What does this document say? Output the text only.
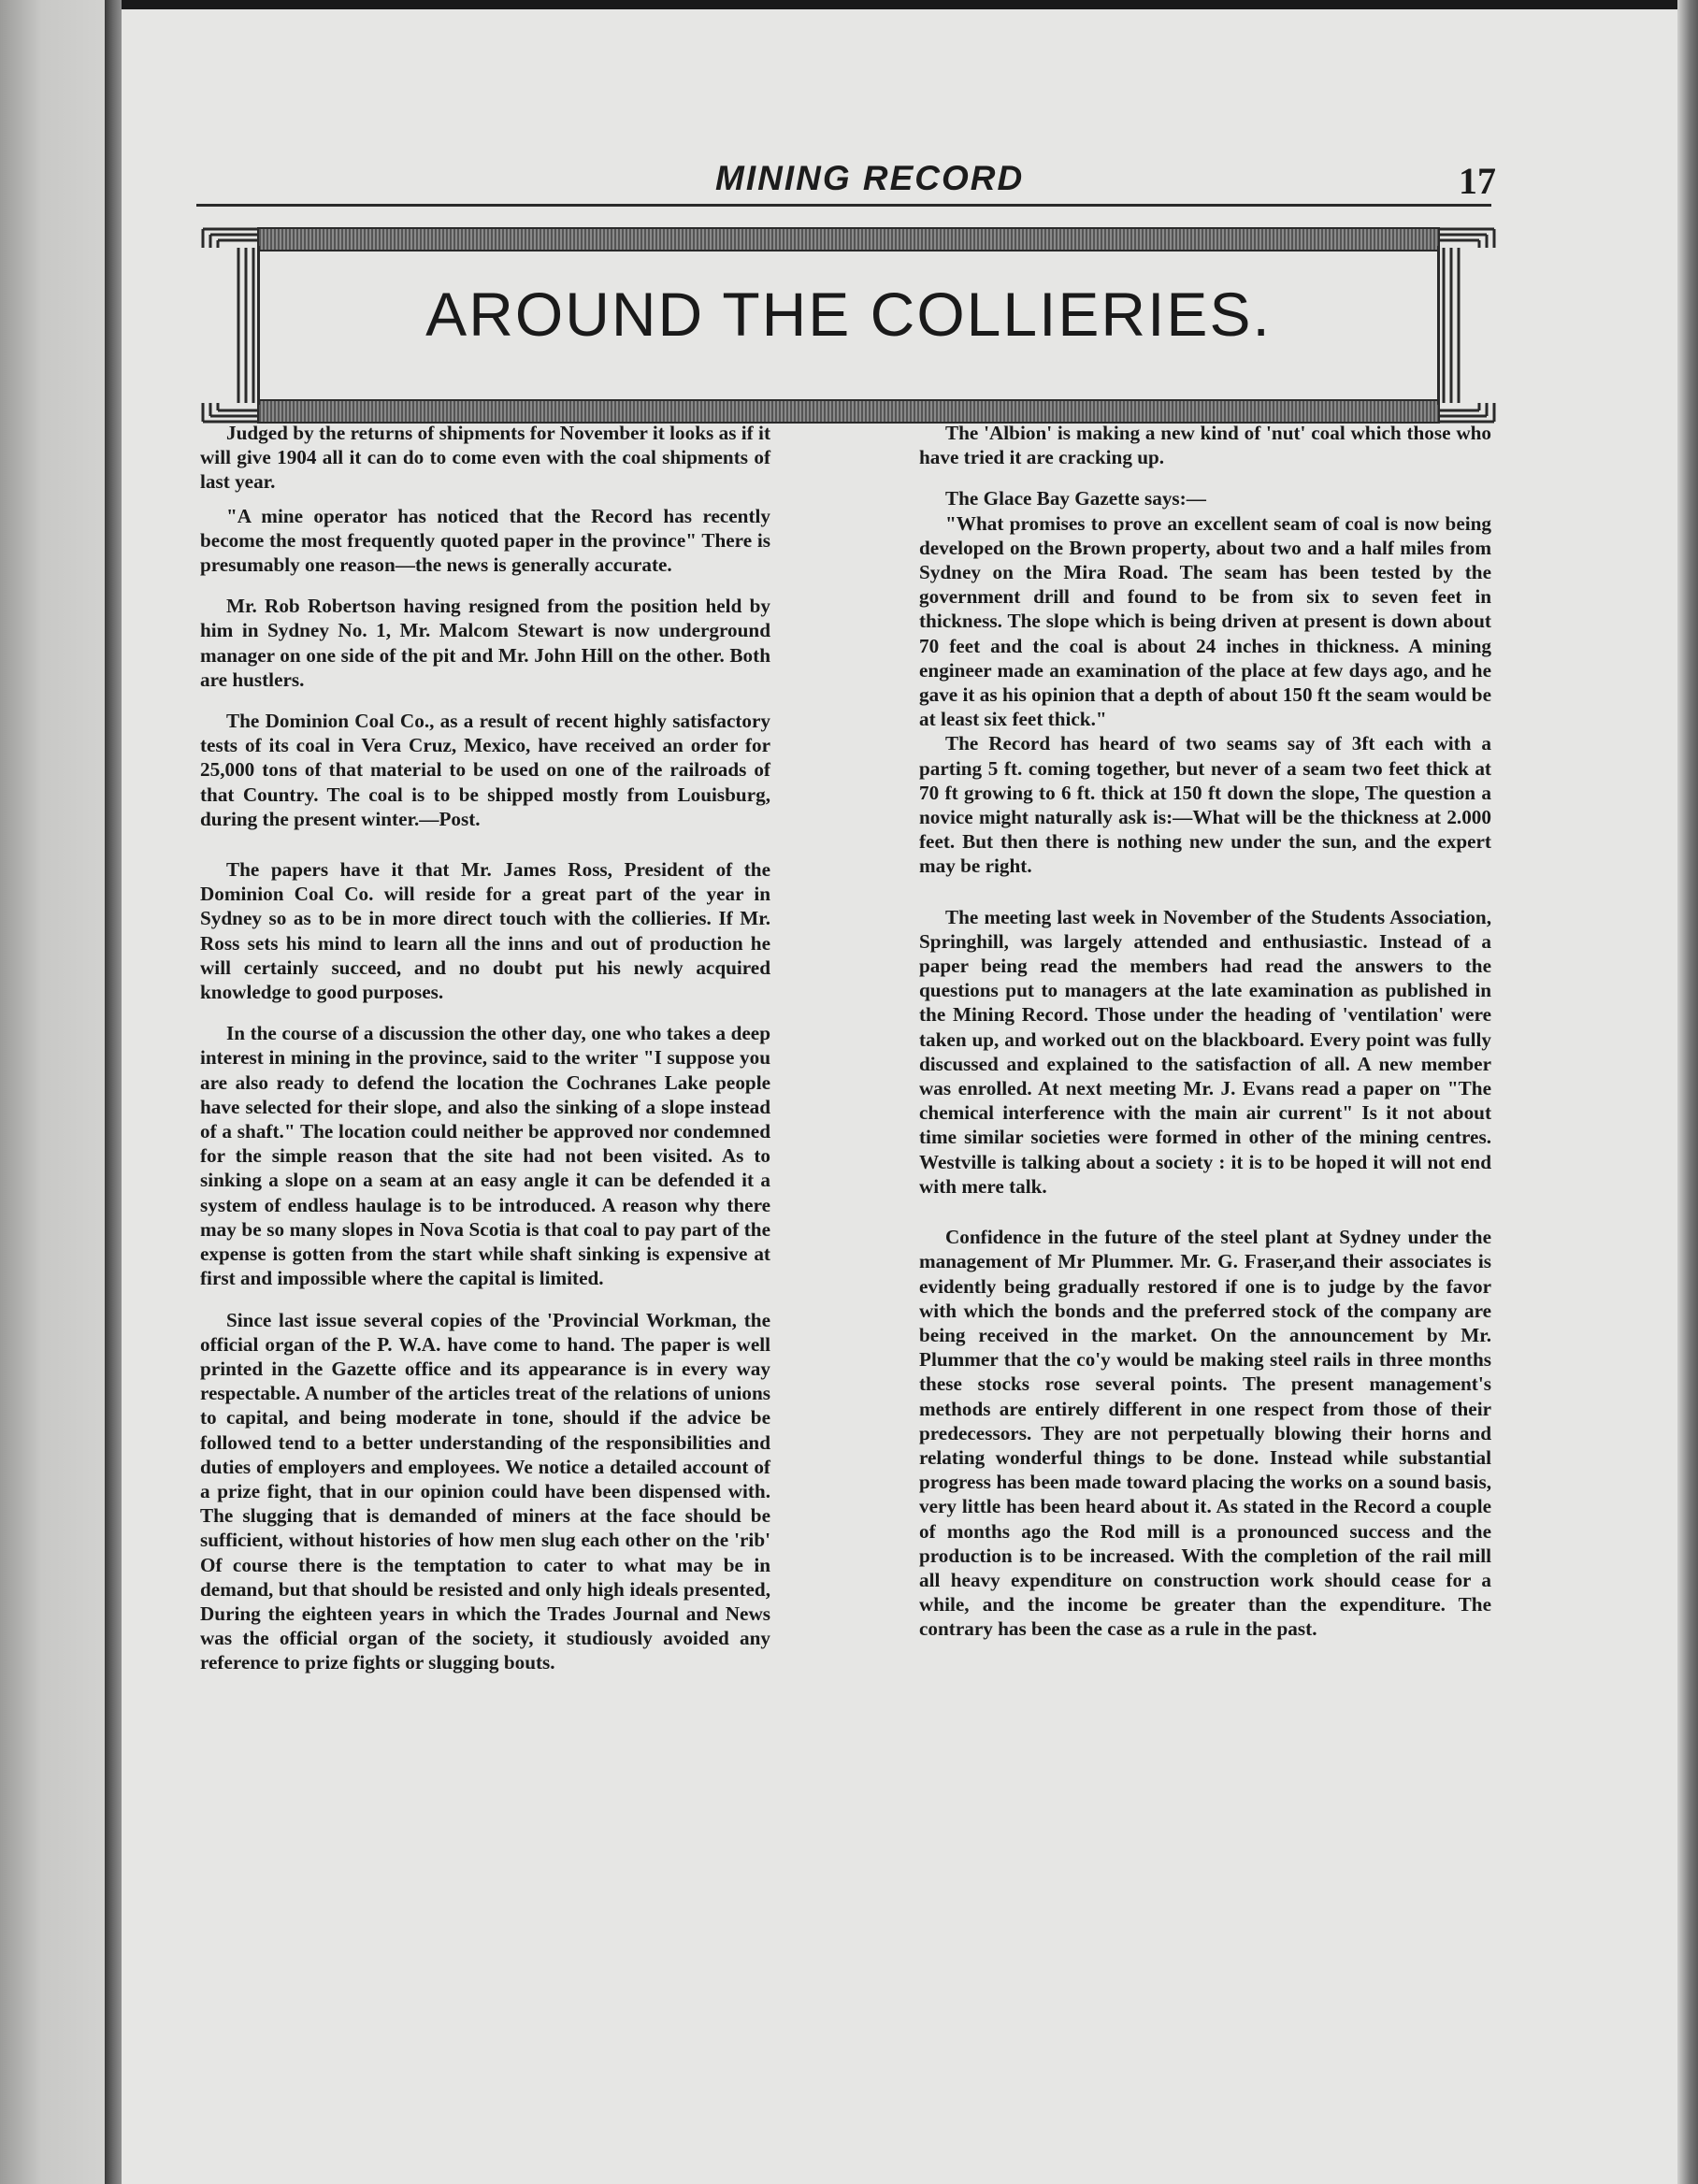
MINING RECORD	17
AROUND THE COLLIERIES.

Judged by the returns of shipments for November it looks as if it will give 1904 all it can do to come even with the coal shipments of last year.

"A mine operator has noticed that the Record has recently become the most frequently quoted paper in the province" There is presumably one reason—the news is generally accurate.

Mr. Rob Robertson having resigned from the position held by him in Sydney No. 1, Mr. Malcom Stewart is now underground manager on one side of the pit and Mr. John Hill on the other. Both are hustlers.

The Dominion Coal Co., as a result of recent highly satisfactory tests of its coal in Vera Cruz, Mexico, have received an order for 25,000 tons of that material to be used on one of the railroads of that Country. The coal is to be shipped mostly from Louisburg, during the present winter.—Post.

The papers have it that Mr. James Ross, President of the Dominion Coal Co. will reside for a great part of the year in Sydney so as to be in more direct touch with the collieries. If Mr. Ross sets his mind to learn all the inns and out of production he will certainly succeed, and no doubt put his newly acquired knowledge to good purposes.

In the course of a discussion the other day, one who takes a deep interest in mining in the province, said to the writer "I suppose you are also ready to defend the location the Cochranes Lake people have selected for their slope, and also the sinking of a slope instead of a shaft." The location could neither be approved nor condemned for the simple reason that the site had not been visited. As to sinking a slope on a seam at an easy angle it can be defended it a system of endless haulage is to be introduced. A reason why there may be so many slopes in Nova Scotia is that coal to pay part of the expense is gotten from the start while shaft sinking is expensive at first and impossible where the capital is limited.

Since last issue several copies of the 'Provincial Workman, the official organ of the P. W.A. have come to hand. The paper is well printed in the Gazette office and its appearance is in every way respectable. A number of the articles treat of the relations of unions to capital, and being moderate in tone, should if the advice be followed tend to a better understanding of the responsibilities and duties of employers and employees. We notice a detailed account of a prize fight, that in our opinion could have been dispensed with. The slugging that is demanded of miners at the face should be sufficient, without histories of how men slug each other on the 'rib' Of course there is the temptation to cater to what may be in demand, but that should be resisted and only high ideals presented, During the eighteen years in which the Trades Journal and News was the official organ of the society, it studiously avoided any reference to prize fights or slugging bouts.

The 'Albion' is making a new kind of 'nut' coal which those who have tried it are cracking up.

The Glace Bay Gazette says:—

"What promises to prove an excellent seam of coal is now being developed on the Brown property, about two and a half miles from Sydney on the Mira Road. The seam has been tested by the government drill and found to be from six to seven feet in thickness. The slope which is being driven at present is down about 70 feet and the coal is about 24 inches in thickness. A mining engineer made an examination of the place at few days ago, and he gave it as his opinion that a depth of about 150 ft the seam would be at least six feet thick."

The Record has heard of two seams say of 3ft each with a parting 5 ft. coming together, but never of a seam two feet thick at 70 ft growing to 6 ft. thick at 150 ft down the slope, The question a novice might naturally ask is:—What will be the thickness at 2.000 feet. But then there is nothing new under the sun, and the expert may be right.

The meeting last week in November of the Students Association, Springhill, was largely attended and enthusiastic. Instead of a paper being read the members had read the answers to the questions put to managers at the late examination as published in the Mining Record. Those under the heading of 'ventilation' were taken up, and worked out on the blackboard. Every point was fully discussed and explained to the satisfaction of all. A new member was enrolled. At next meeting Mr. J. Evans read a paper on "The chemical interference with the main air current" Is it not about time similar societies were formed in other of the mining centres. Westville is talking about a society : it is to be hoped it will not end with mere talk.

Confidence in the future of the steel plant at Sydney under the management of Mr Plummer. Mr. G. Fraser,and their associates is evidently being gradually restored if one is to judge by the favor with which the bonds and the preferred stock of the company are being received in the market. On the announcement by Mr. Plummer that the co'y would be making steel rails in three months these stocks rose several points. The present management's methods are entirely different in one respect from those of their predecessors. They are not perpetually blowing their horns and relating wonderful things to be done. Instead while substantial progress has been made toward placing the works on a sound basis, very little has been heard about it. As stated in the Record a couple of months ago the Rod mill is a pronounced success and the production is to be increased. With the completion of the rail mill all heavy expenditure on construction work should cease for a while, and the income be greater than the expenditure. The contrary has been the case as a rule in the past.
